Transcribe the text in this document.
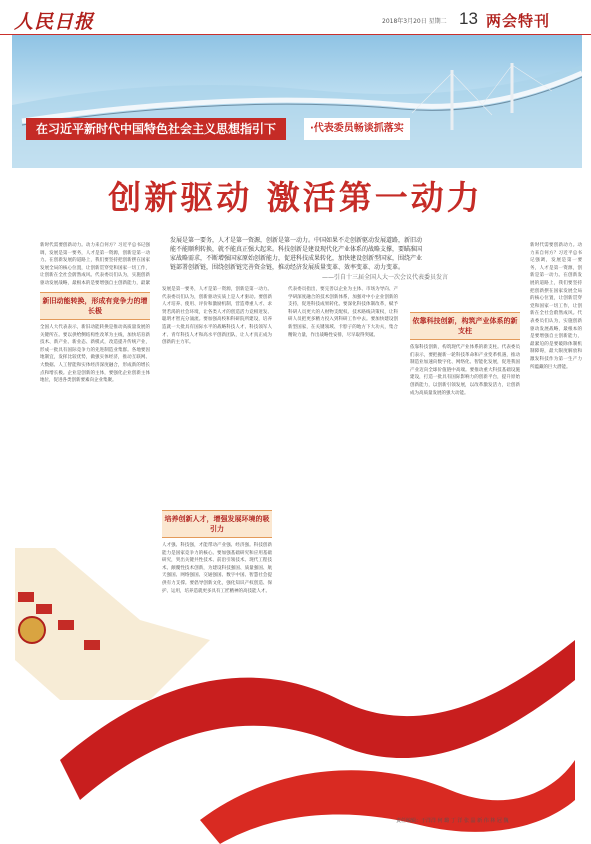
人民日报	2018年3月20日 星期二 13 两会特刊
在习近平新时代中国特色社会主义思想指引下	·代表委员畅谈抓落实
创新驱动 激活第一动力
发展是第一要务，人才是第一资源，创新是第一动力。中国如果不走创新驱动发展道路，新旧动能不能顺利转换，就不能真正强大起来。科技创新是建设现代化产业体系的战略支撑，要瞄准国家战略需求，不断增强国家原始创新能力，促进科技成果转化，加快建设创新型国家，围绕产业链部署创新链，围绕创新链完善资金链，推动经济发展质量变革、效率变革、动力变革。
——引自十三届全国人大一次会议代表委员发言
新时代需要创新动力。动力来自何方？习近平总书记强调，发展是第一要务，人才是第一资源，创新是第一动力。在创新发展的道路上，我们要坚持把创新摆在国家发展全局的核心位置，让创新贯穿党和国家一切工作，让创新在全社会蔚然成风。代表委员们认为，实施创新驱动发展战略，最根本的是要增强自主创新能力，最紧
新旧动能转换，形成有竞争力的增长极
全国人大代表表示，新旧动能转换是推动高质量发展的关键所在。要以供给侧结构性改革为主线，加快培育新技术、新产业、新业态、新模式，改造提升传统产业，形成一批具有国际竞争力的先进制造业集群。各地要因地制宜，发挥比较优势，做强实体经济，推动互联网、大数据、人工智能和实体经济深度融合，形成新的增长点和增长极。企业是创新的主体，要强化企业创新主体地位，促进各类创新要素向企业集聚。
发展是第一要务，人才是第一资源，创新是第一动力。代表委员们认为，创新驱动实质上是人才驱动。要创新人才培养、使用、评价和激励机制，营造尊重人才、求贤若渴的社会环境，让各类人才的创造活力竞相迸发、聪明才智充分涌流。要加强高校和科研院所建设，培养造就一大批具有国际水平的战略科技人才、科技领军人才、青年科技人才和高水平创新团队，让人才真正成为创新的主力军。
培养创新人才，增强发展环境的吸引力
人才强、科技强，才能带动产业强、经济强。科技创新能力是国家竞争力的核心。要加强基础研究和应用基础研究，突出关键共性技术、前沿引领技术、现代工程技术、颠覆性技术创新，为建设科技强国、质量强国、航天强国、网络强国、交通强国、数字中国、智慧社会提供有力支撑。要倡导创新文化，强化知识产权创造、保护、运用，培养造就更多具有工匠精神的高技能人才。
代表委员指出，要完善以企业为主体、市场为导向、产学研深度融合的技术创新体系，加强对中小企业创新的支持，促进科技成果转化。要深化科技体制改革，赋予科研人员更大的人财物支配权、技术路线决策权，让科研人员把更多精力投入到科研工作中去。要加快建设创新型国家，在关键领域、卡脖子的地方下大功夫，集合精锐力量，作出战略性安排，尽早取得突破。
依靠科技创新，构筑产业体系的新支柱
依靠科技创新，构筑现代产业体系的新支柱。代表委员们表示，要把握新一轮科技革命和产业变革机遇，推动制造业加速向数字化、网络化、智能化发展，促进我国产业迈向全球价值链中高端。要推动重大科技基础设施建设，打造一批具有国际影响力的创新平台，提升原始创新能力，以创新引领发展，以改革激发活力，让创新成为高质量发展的强大动能。
新时代需要创新动力。动力来自何方？习近平总书记强调，发展是第一要务，人才是第一资源，创新是第一动力。在创新发展的道路上，我们要坚持把创新摆在国家发展全局的核心位置，让创新贯穿党和国家一切工作，让创新在全社会蔚然成风。代表委员们认为，实施创新驱动发展战略，最根本的是要增强自主创新能力，最紧迫的是要破除体制机制障碍，最大限度解放和激发科技作为第一生产力所蕴藏的巨大潜能。
责任编辑：于洋洋 何 璐 丁 洋 张 晶 新 伟 林 冠 魏
